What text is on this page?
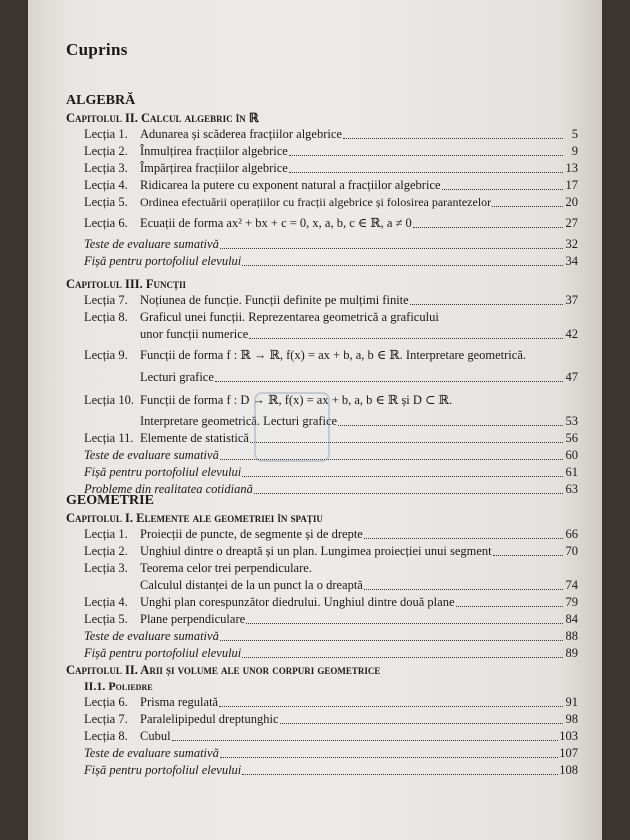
Cuprins
ALGEBRĂ
Capitolul II. Calcul algebric în ℝ
Lecția 1. Adunarea și scăderea fracțiilor algebrice	5
Lecția 2. Înmulțirea fracțiilor algebrice	9
Lecția 3. Împărțirea fracțiilor algebrice	13
Lecția 4. Ridicarea la putere cu exponent natural a fracțiilor algebrice	17
Lecția 5.	Ordinea efectuării operațiilor cu fracții algebrice și folosirea parantezelor	20
Lecția 6. Ecuații de forma ax² + bx + c = 0, x, a, b, c ∈ ℝ, a ≠ 0	27
Teste de evaluare sumativă	32
Fișă pentru portofoliul elevului	34
Capitolul III. Funcții
Lecția 7. Noțiunea de funcție. Funcții definite pe mulțimi finite	37
Lecția 8. Graficul unei funcții. Reprezentarea geometrică a graficului
unor funcții numerice	42
Lecția 9. Funcții de forma f : ℝ → ℝ, f(x) = ax + b, a, b ∈ ℝ. Interpretare geometrică.
Lecturi grafice	47
Lecția 10. Funcții de forma f : D → ℝ, f(x) = ax + b, a, b ∈ ℝ și D ⊂ ℝ.
Interpretare geometrică. Lecturi grafice	53
Lecția 11. Elemente de statistică	56
Teste de evaluare sumativă	60
Fișă pentru portofoliul elevului	61
Probleme din realitatea cotidiană	63
GEOMETRIE
Capitolul I. Elemente ale geometriei în spațiu
Lecția 1. Proiecții de puncte, de segmente și de drepte	66
Lecția 2. Unghiul dintre o dreaptă și un plan. Lungimea proiecției unui segment	70
Lecția 3. Teorema celor trei perpendiculare.
Calculul distanței de la un punct la o dreaptă	74
Lecția 4. Unghi plan corespunzător diedrului. Unghiul dintre două plane	79
Lecția 5. Plane perpendiculare	84
Teste de evaluare sumativă	88
Fișă pentru portofoliul elevului	89
Capitolul II. Arii și volume ale unor corpuri geometrice
II.1. Poliedre
Lecția 6. Prisma regulată	91
Lecția 7. Paralelipipedul dreptunghic	98
Lecția 8. Cubul	103
Teste de evaluare sumativă	107
Fișă pentru portofoliul elevului	108
